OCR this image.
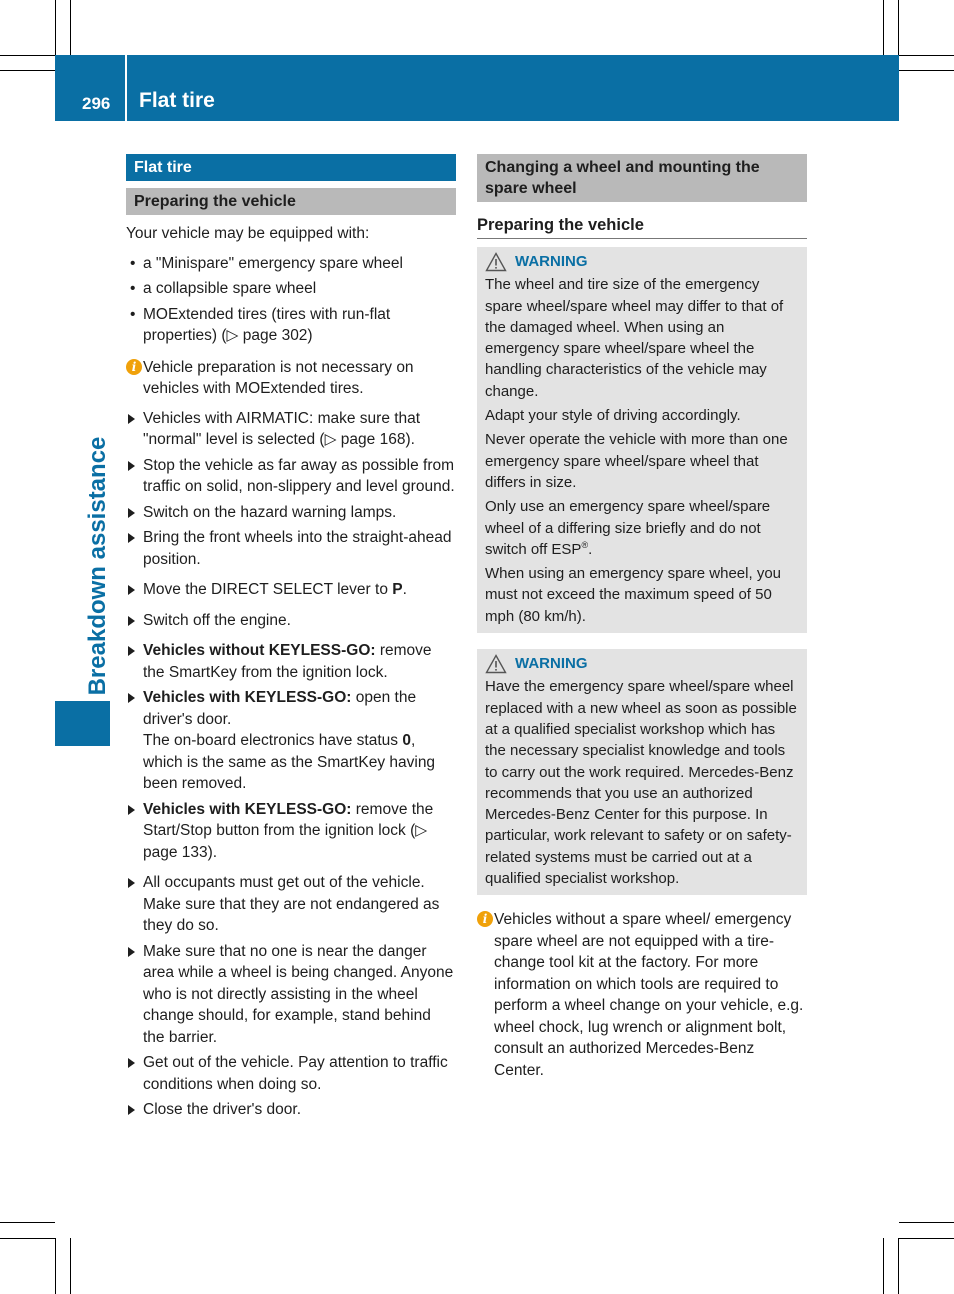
296 Flat tire
Breakdown assistance
Flat tire
Preparing the vehicle
Your vehicle may be equipped with:
• a "Minispare" emergency spare wheel
• a collapsible spare wheel
• MOExtended tires (tires with run-flat properties) (▷ page 302)
i Vehicle preparation is not necessary on vehicles with MOExtended tires.
Vehicles with AIRMATIC: make sure that "normal" level is selected (▷ page 168).
Stop the vehicle as far away as possible from traffic on solid, non-slippery and level ground.
Switch on the hazard warning lamps.
Bring the front wheels into the straight-ahead position.
Move the DIRECT SELECT lever to P.
Switch off the engine.
Vehicles without KEYLESS-GO: remove the SmartKey from the ignition lock.
Vehicles with KEYLESS-GO: open the driver's door.
The on-board electronics have status 0, which is the same as the SmartKey having been removed.
Vehicles with KEYLESS-GO: remove the Start/Stop button from the ignition lock (▷ page 133).
All occupants must get out of the vehicle. Make sure that they are not endangered as they do so.
Make sure that no one is near the danger area while a wheel is being changed. Anyone who is not directly assisting in the wheel change should, for example, stand behind the barrier.
Get out of the vehicle. Pay attention to traffic conditions when doing so.
Close the driver's door.
Changing a wheel and mounting the spare wheel
Preparing the vehicle
WARNING
The wheel and tire size of the emergency spare wheel/spare wheel may differ to that of the damaged wheel. When using an emergency spare wheel/spare wheel the handling characteristics of the vehicle may change.
Adapt your style of driving accordingly.
Never operate the vehicle with more than one emergency spare wheel/spare wheel that differs in size.
Only use an emergency spare wheel/spare wheel of a differing size briefly and do not switch off ESP®.
When using an emergency spare wheel, you must not exceed the maximum speed of 50 mph (80 km/h).
WARNING
Have the emergency spare wheel/spare wheel replaced with a new wheel as soon as possible at a qualified specialist workshop which has the necessary specialist knowledge and tools to carry out the work required. Mercedes-Benz recommends that you use an authorized Mercedes-Benz Center for this purpose. In particular, work relevant to safety or on safety-related systems must be carried out at a qualified specialist workshop.
i Vehicles without a spare wheel/ emergency spare wheel are not equipped with a tire-change tool kit at the factory. For more information on which tools are required to perform a wheel change on your vehicle, e.g. wheel chock, lug wrench or alignment bolt, consult an authorized Mercedes-Benz Center.
